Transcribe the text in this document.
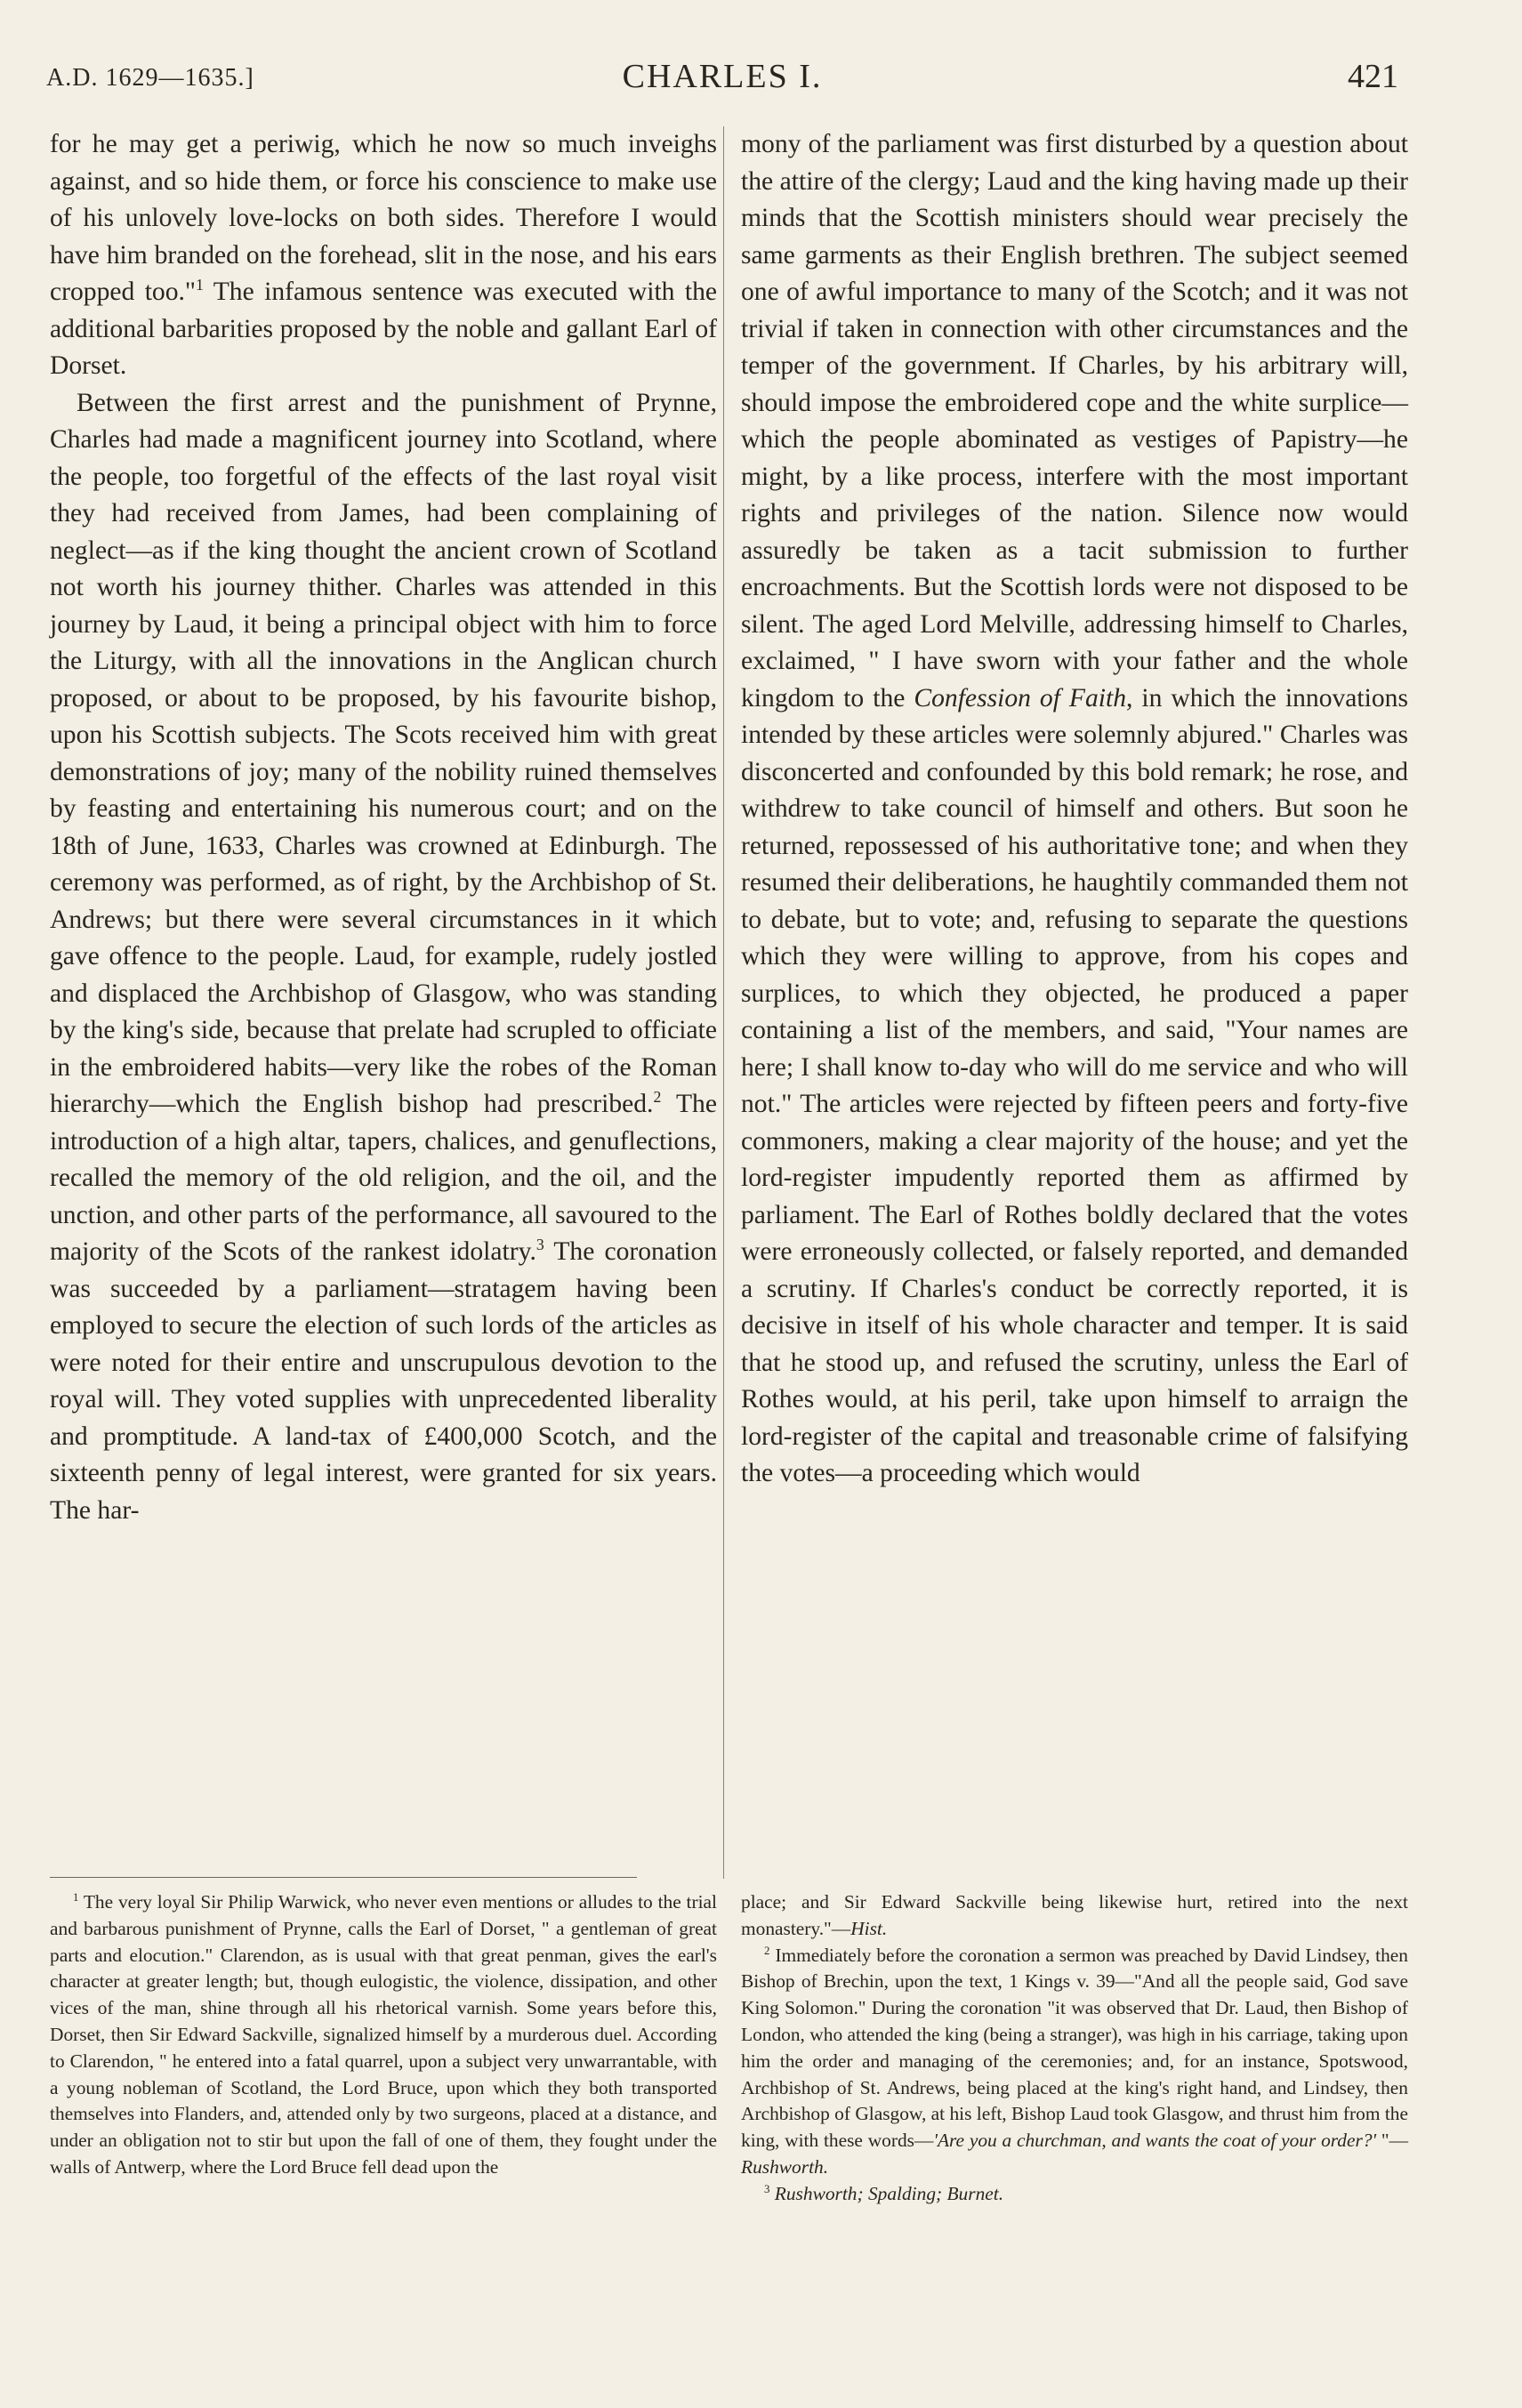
A.D. 1629—1635.]	CHARLES I.	421

for he may get a periwig, which he now so much inveighs against, and so hide them, or force his conscience to make use of his unlovely love-locks on both sides. Therefore I would have him branded on the forehead, slit in the nose, and his ears cropped too."$^1$ The infamous sentence was executed with the additional barbarities proposed by the noble and gallant Earl of Dorset.

Between the first arrest and the punishment of Prynne, Charles had made a magnificent journey into Scotland, where the people, too forgetful of the effects of the last royal visit they had received from James, had been complaining of neglect—as if the king thought the ancient crown of Scotland not worth his journey thither. Charles was attended in this journey by Laud, it being a principal object with him to force the Liturgy, with all the innovations in the Anglican church proposed, or about to be proposed, by his favourite bishop, upon his Scottish subjects. The Scots received him with great demonstrations of joy; many of the nobility ruined themselves by feasting and entertaining his numerous court; and on the 18th of June, 1633, Charles was crowned at Edinburgh. The ceremony was performed, as of right, by the Archbishop of St. Andrews; but there were several circumstances in it which gave offence to the people. Laud, for example, rudely jostled and displaced the Archbishop of Glasgow, who was standing by the king's side, because that prelate had scrupled to officiate in the embroidered habits—very like the robes of the Roman hierarchy—which the English bishop had prescribed.$^2$ The introduction of a high altar, tapers, chalices, and genuflections, recalled the memory of the old religion, and the oil, and the unction, and other parts of the performance, all savoured to the majority of the Scots of the rankest idolatry.$^3$ The coronation was succeeded by a parliament—stratagem having been employed to secure the election of such lords of the articles as were noted for their entire and unscrupulous devotion to the royal will. They voted supplies with unprecedented liberality and promptitude. A land-tax of £400,000 Scotch, and the sixteenth penny of legal interest, were granted for six years. The har-

mony of the parliament was first disturbed by a question about the attire of the clergy; Laud and the king having made up their minds that the Scottish ministers should wear precisely the same garments as their English brethren. The subject seemed one of awful importance to many of the Scotch; and it was not trivial if taken in connection with other circumstances and the temper of the government. If Charles, by his arbitrary will, should impose the embroidered cope and the white surplice—which the people abominated as vestiges of Papistry—he might, by a like process, interfere with the most important rights and privileges of the nation. Silence now would assuredly be taken as a tacit submission to further encroachments. But the Scottish lords were not disposed to be silent. The aged Lord Melville, addressing himself to Charles, exclaimed, " I have sworn with your father and the whole kingdom to the Confession of Faith, in which the innovations intended by these articles were solemnly abjured." Charles was disconcerted and confounded by this bold remark; he rose, and withdrew to take council of himself and others. But soon he returned, repossessed of his authoritative tone; and when they resumed their deliberations, he haughtily commanded them not to debate, but to vote; and, refusing to separate the questions which they were willing to approve, from his copes and surplices, to which they objected, he produced a paper containing a list of the members, and said, "Your names are here; I shall know to-day who will do me service and who will not." The articles were rejected by fifteen peers and forty-five commoners, making a clear majority of the house; and yet the lord-register impudently reported them as affirmed by parliament. The Earl of Rothes boldly declared that the votes were erroneously collected, or falsely reported, and demanded a scrutiny. If Charles's conduct be correctly reported, it is decisive in itself of his whole character and temper. It is said that he stood up, and refused the scrutiny, unless the Earl of Rothes would, at his peril, take upon himself to arraign the lord-register of the capital and treasonable crime of falsifying the votes—a proceeding which would

$^1$ The very loyal Sir Philip Warwick, who never even mentions or alludes to the trial and barbarous punishment of Prynne, calls the Earl of Dorset, " a gentleman of great parts and elocution." Clarendon, as is usual with that great penman, gives the earl's character at greater length; but, though eulogistic, the violence, dissipation, and other vices of the man, shine through all his rhetorical varnish. Some years before this, Dorset, then Sir Edward Sackville, signalized himself by a murderous duel. According to Clarendon, " he entered into a fatal quarrel, upon a subject very unwarrantable, with a young nobleman of Scotland, the Lord Bruce, upon which they both transported themselves into Flanders, and, attended only by two surgeons, placed at a distance, and under an obligation not to stir but upon the fall of one of them, they fought under the walls of Antwerp, where the Lord Bruce fell dead upon the

place; and Sir Edward Sackville being likewise hurt, retired into the next monastery."—Hist.

$^2$ Immediately before the coronation a sermon was preached by David Lindsey, then Bishop of Brechin, upon the text, 1 Kings v. 39—"And all the people said, God save King Solomon." During the coronation "it was observed that Dr. Laud, then Bishop of London, who attended the king (being a stranger), was high in his carriage, taking upon him the order and managing of the ceremonies; and, for an instance, Spotswood, Archbishop of St. Andrews, being placed at the king's right hand, and Lindsey, then Archbishop of Glasgow, at his left, Bishop Laud took Glasgow, and thrust him from the king, with these words—'Are you a churchman, and wants the coat of your order?' "—Rushworth.

$^3$ Rushworth; Spalding; Burnet.
